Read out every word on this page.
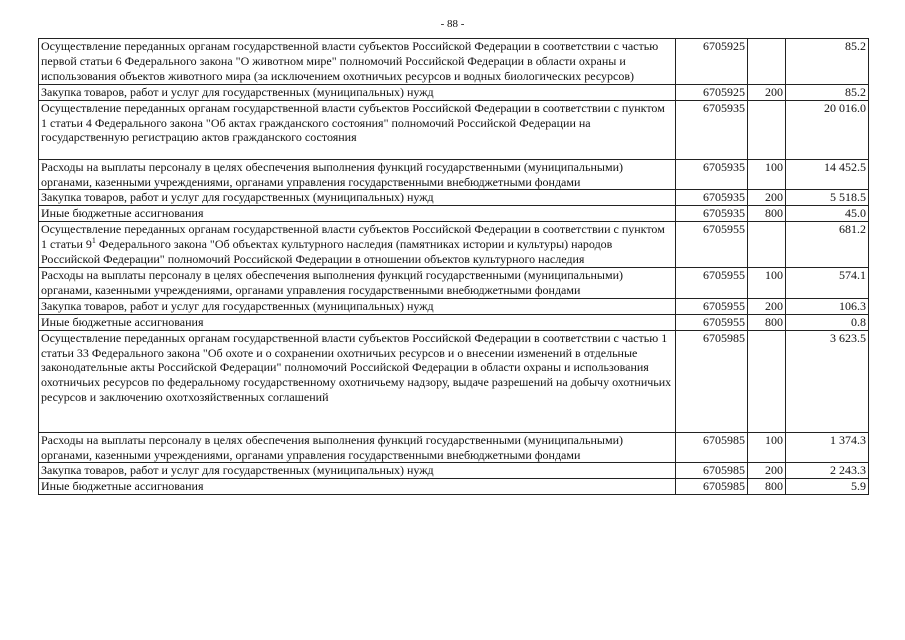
- 88 -
Осуществление переданных органам государственной власти субъектов Российской Федерации в соответствии с частью первой статьи 6 Федерального закона "О животном мире" полномочий Российской Федерации в области охраны и использования объектов животного мира (за исключением охотничьих ресурсов и водных биологических ресурсов)	6705925		85.2
Закупка товаров, работ и услуг для государственных (муниципальных) нужд	6705925	200	85.2
Осуществление переданных органам государственной власти субъектов Российской Федерации в соответствии с пунктом 1 статьи 4 Федерального закона "Об актах гражданского состояния" полномочий Российской Федерации на государственную регистрацию актов гражданского состояния	6705935		20 016.0
Расходы на выплаты персоналу в целях обеспечения выполнения функций государственными (муниципальными) органами, казенными учреждениями, органами управления государственными внебюджетными фондами	6705935	100	14 452.5
Закупка товаров, работ и услуг для государственных (муниципальных) нужд	6705935	200	5 518.5
Иные бюджетные ассигнования	6705935	800	45.0
Осуществление переданных органам государственной власти субъектов Российской Федерации в соответствии с пунктом 1 статьи $9^1$ Федерального закона "Об объектах культурного наследия (памятниках истории и культуры) народов Российской Федерации" полномочий Российской Федерации в отношении объектов культурного наследия	6705955		681.2
Расходы на выплаты персоналу в целях обеспечения выполнения функций государственными (муниципальными) органами, казенными учреждениями, органами управления государственными внебюджетными фондами	6705955	100	574.1
Закупка товаров, работ и услуг для государственных (муниципальных) нужд	6705955	200	106.3
Иные бюджетные ассигнования	6705955	800	0.8
Осуществление переданных органам государственной власти субъектов Российской Федерации в соответствии с частью 1 статьи 33 Федерального закона "Об охоте и о сохранении охотничьих ресурсов и о внесении изменений в отдельные законодательные акты Российской Федерации" полномочий Российской Федерации в области охраны и использования охотничьих ресурсов по федеральному государственному охотничьему надзору, выдаче разрешений на добычу охотничьих ресурсов и заключению охотхозяйственных соглашений	6705985		3 623.5
Расходы на выплаты персоналу в целях обеспечения выполнения функций государственными (муниципальными) органами, казенными учреждениями, органами управления государственными внебюджетными фондами	6705985	100	1 374.3
Закупка товаров, работ и услуг для государственных (муниципальных) нужд	6705985	200	2 243.3
Иные бюджетные ассигнования	6705985	800	5.9
